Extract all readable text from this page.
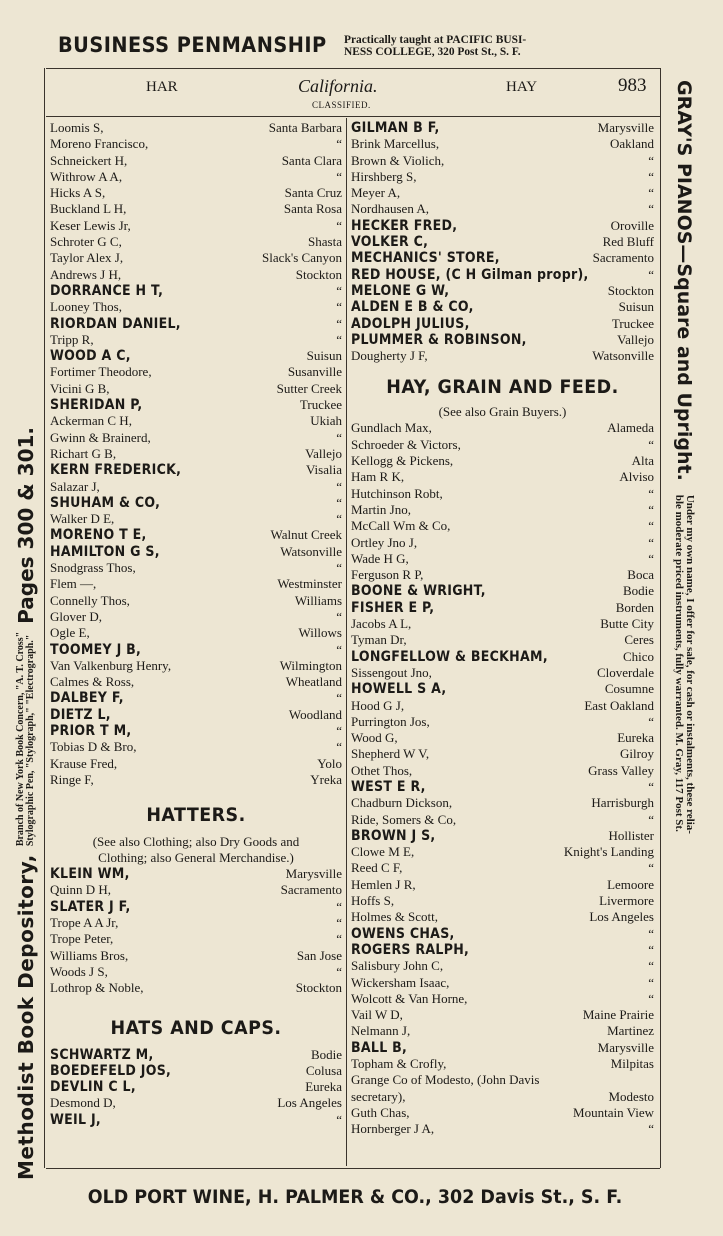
BUSINESS PENMANSHIP Practically taught at PACIFIC BUSI-
NESS COLLEGE, 320 Post St., S. F.
HAR	California.
CLASSIFIED.
HAY	983
Methodist Book Depository,
Branch of New York Book Concern, "A. T. Cross"
Stylographic Pen, "Stylograph," "Electrograph."
Pages 300 & 301.
GRAY'S PIANOS—Square and Upright.
Under my own name, I offer for sale, for cash or instalments, these relia-
ble moderate priced instruments, fully warranted. M. Gray, 117 Post St.
Loomis S,	Santa Barbara
Moreno Francisco,	“
Schneickert H,	Santa Clara
Withrow A A,	“
Hicks A S,	Santa Cruz
Buckland L H,	Santa Rosa
Keser Lewis Jr,	“
Schroter G C,	Shasta
Taylor Alex J,	Slack's Canyon
Andrews J H,	Stockton
DORRANCE H T,	“
Looney Thos,	“
RIORDAN DANIEL,	“
Tripp R,	“
WOOD A C,	Suisun
Fortimer Theodore,	Susanville
Vicini G B,	Sutter Creek
SHERIDAN P,	Truckee
Ackerman C H,	Ukiah
Gwinn & Brainerd,	“
Richart G B,	Vallejo
KERN FREDERICK,	Visalia
Salazar J,	“
SHUHAM & CO,	“
Walker D E,	“
MORENO T E,	Walnut Creek
HAMILTON G S,	Watsonville
Snodgrass Thos,	“
Flem —,	Westminster
Connelly Thos,	Williams
Glover D,	“
Ogle E,	Willows
TOOMEY J B,	“
Van Valkenburg Henry,	Wilmington
Calmes & Ross,	Wheatland
DALBEY F,	“
DIETZ L,	Woodland
PRIOR T M,	“
Tobias D & Bro,	“
Krause Fred,	Yolo
Ringe F,	Yreka
HATTERS.
(See also Clothing; also Dry Goods and
Clothing; also General Merchandise.)
KLEIN WM,	Marysville
Quinn D H,	Sacramento
SLATER J F,	“
Trope A A Jr,	“
Trope Peter,	“
Williams Bros,	San Jose
Woods J S,	“
Lothrop & Noble,	Stockton
HATS AND CAPS.
SCHWARTZ M,	Bodie
BOEDEFELD JOS,	Colusa
DEVLIN C L,	Eureka
Desmond D,	Los Angeles
WEIL J,	“
GILMAN B F,	Marysville
Brink Marcellus,	Oakland
Brown & Violich,	“
Hirshberg S,	“
Meyer A,	“
Nordhausen A,	“
HECKER FRED,	Oroville
VOLKER C,	Red Bluff
MECHANICS' STORE,	Sacramento
RED HOUSE, (C H Gilman propr),	“
MELONE G W,	Stockton
ALDEN E B & CO,	Suisun
ADOLPH JULIUS,	Truckee
PLUMMER & ROBINSON,	Vallejo
Dougherty J F,	Watsonville
HAY, GRAIN AND FEED.
(See also Grain Buyers.)
Gundlach Max,	Alameda
Schroeder & Victors,	“
Kellogg & Pickens,	Alta
Ham R K,	Alviso
Hutchinson Robt,	“
Martin Jno,	“
McCall Wm & Co,	“
Ortley Jno J,	“
Wade H G,	“
Ferguson R P,	Boca
BOONE & WRIGHT,	Bodie
FISHER E P,	Borden
Jacobs A L,	Butte City
Tyman Dr,	Ceres
LONGFELLOW & BECKHAM,	Chico
Sissengout Jno,	Cloverdale
HOWELL S A,	Cosumne
Hood G J,	East Oakland
Purrington Jos,	“
Wood G,	Eureka
Shepherd W V,	Gilroy
Othet Thos,	Grass Valley
WEST E R,	“
Chadburn Dickson,	Harrisburgh
Ride, Somers & Co,	“
BROWN J S,	Hollister
Clowe M E,	Knight's Landing
Reed C F,	“
Hemlen J R,	Lemoore
Hoffs S,	Livermore
Holmes & Scott,	Los Angeles
OWENS CHAS,	“
ROGERS RALPH,	“
Salisbury John C,	“
Wickersham Isaac,	“
Wolcott & Van Horne,	“
Vail W D,	Maine Prairie
Nelmann J,	Martinez
BALL B,	Marysville
Topham & Crofly,	Milpitas
Grange Co of Modesto, (John Davis
secretary),	Modesto
Guth Chas,	Mountain View
Hornberger J A,	“
OLD PORT WINE, H. PALMER & CO., 302 Davis St., S. F.
